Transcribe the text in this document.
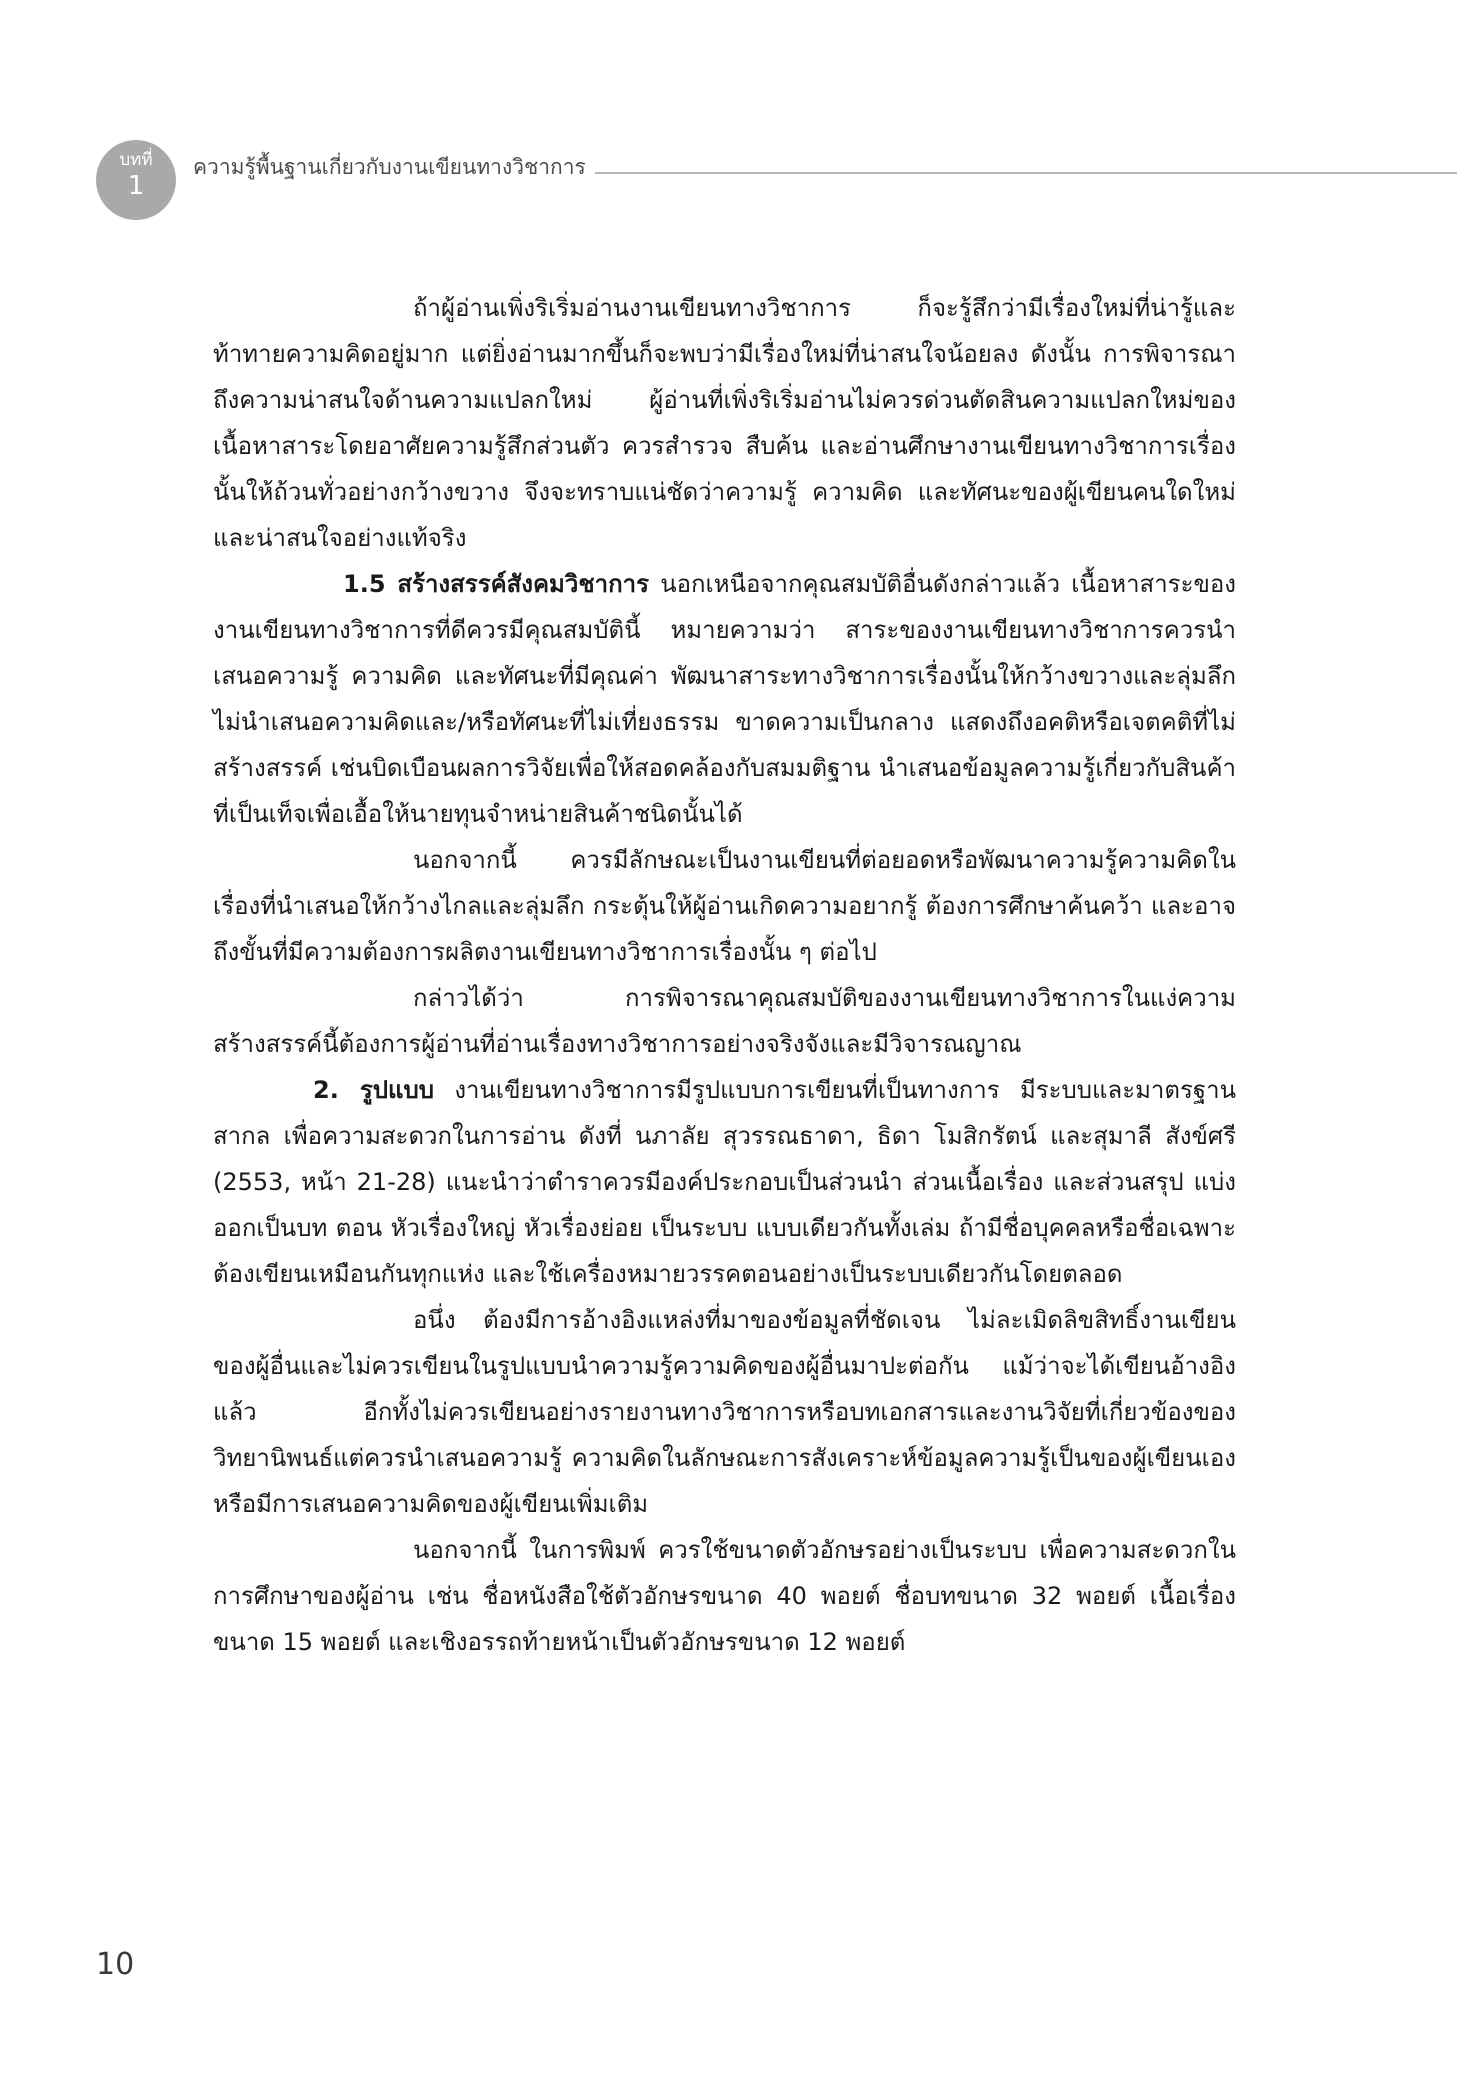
บทที่
1
ความรู้พื้นฐานเกี่ยวกับงานเขียนทางวิชาการ

ถ้าผู้อ่านเพิ่งริเริ่มอ่านงานเขียนทางวิชาการ ก็จะรู้สึกว่ามีเรื่องใหม่ที่น่ารู้และท้าทายความคิดอยู่มาก แต่ยิ่งอ่านมากขึ้นก็จะพบว่ามีเรื่องใหม่ที่น่าสนใจน้อยลง ดังนั้น การพิจารณาถึงความน่าสนใจด้านความแปลกใหม่ ผู้อ่านที่เพิ่งริเริ่มอ่านไม่ควรด่วนตัดสินความแปลกใหม่ของเนื้อหาสาระโดยอาศัยความรู้สึกส่วนตัว ควรสำรวจ สืบค้น และอ่านศึกษางานเขียนทางวิชาการเรื่องนั้นให้ถ้วนทั่วอย่างกว้างขวาง จึงจะทราบแน่ชัดว่าความรู้ ความคิด และทัศนะของผู้เขียนคนใดใหม่และน่าสนใจอย่างแท้จริง

1.5 สร้างสรรค์สังคมวิชาการ นอกเหนือจากคุณสมบัติอื่นดังกล่าวแล้ว เนื้อหาสาระของงานเขียนทางวิชาการที่ดีควรมีคุณสมบัตินี้ หมายความว่า สาระของงานเขียนทางวิชาการควรนำเสนอความรู้ ความคิด และทัศนะที่มีคุณค่า พัฒนาสาระทางวิชาการเรื่องนั้นให้กว้างขวางและลุ่มลึก ไม่นำเสนอความคิดและ/หรือทัศนะที่ไม่เที่ยงธรรม ขาดความเป็นกลาง แสดงถึงอคติหรือเจตคติที่ไม่สร้างสรรค์ เช่นบิดเบือนผลการวิจัยเพื่อให้สอดคล้องกับสมมติฐาน นำเสนอข้อมูลความรู้เกี่ยวกับสินค้าที่เป็นเท็จเพื่อเอื้อให้นายทุนจำหน่ายสินค้าชนิดนั้นได้

นอกจากนี้ ควรมีลักษณะเป็นงานเขียนที่ต่อยอดหรือพัฒนาความรู้ความคิดในเรื่องที่นำเสนอให้กว้างไกลและลุ่มลึก กระตุ้นให้ผู้อ่านเกิดความอยากรู้ ต้องการศึกษาค้นคว้า และอาจถึงขั้นที่มีความต้องการผลิตงานเขียนทางวิชาการเรื่องนั้น ๆ ต่อไป

กล่าวได้ว่า การพิจารณาคุณสมบัติของงานเขียนทางวิชาการในแง่ความสร้างสรรค์นี้ต้องการผู้อ่านที่อ่านเรื่องทางวิชาการอย่างจริงจังและมีวิจารณญาณ

2. รูปแบบ งานเขียนทางวิชาการมีรูปแบบการเขียนที่เป็นทางการ มีระบบและมาตรฐานสากล เพื่อความสะดวกในการอ่าน ดังที่ นภาลัย สุวรรณธาดา, ธิดา โมสิกรัตน์ และสุมาลี สังข์ศรี (2553, หน้า 21-28) แนะนำว่าตำราควรมีองค์ประกอบเป็นส่วนนำ ส่วนเนื้อเรื่อง และส่วนสรุป แบ่งออกเป็นบท ตอน หัวเรื่องใหญ่ หัวเรื่องย่อย เป็นระบบ แบบเดียวกันทั้งเล่ม ถ้ามีชื่อบุคคลหรือชื่อเฉพาะต้องเขียนเหมือนกันทุกแห่ง และใช้เครื่องหมายวรรคตอนอย่างเป็นระบบเดียวกันโดยตลอด

อนึ่ง ต้องมีการอ้างอิงแหล่งที่มาของข้อมูลที่ชัดเจน ไม่ละเมิดลิขสิทธิ์งานเขียนของผู้อื่นและไม่ควรเขียนในรูปแบบนำความรู้ความคิดของผู้อื่นมาปะต่อกัน แม้ว่าจะได้เขียนอ้างอิงแล้ว อีกทั้งไม่ควรเขียนอย่างรายงานทางวิชาการหรือบทเอกสารและงานวิจัยที่เกี่ยวข้องของวิทยานิพนธ์แต่ควรนำเสนอความรู้ ความคิดในลักษณะการสังเคราะห์ข้อมูลความรู้เป็นของผู้เขียนเองหรือมีการเสนอความคิดของผู้เขียนเพิ่มเติม

นอกจากนี้ ในการพิมพ์ ควรใช้ขนาดตัวอักษรอย่างเป็นระบบ เพื่อความสะดวกในการศึกษาของผู้อ่าน เช่น ชื่อหนังสือใช้ตัวอักษรขนาด 40 พอยต์ ชื่อบทขนาด 32 พอยต์ เนื้อเรื่องขนาด 15 พอยต์ และเชิงอรรถท้ายหน้าเป็นตัวอักษรขนาด 12 พอยต์

10
